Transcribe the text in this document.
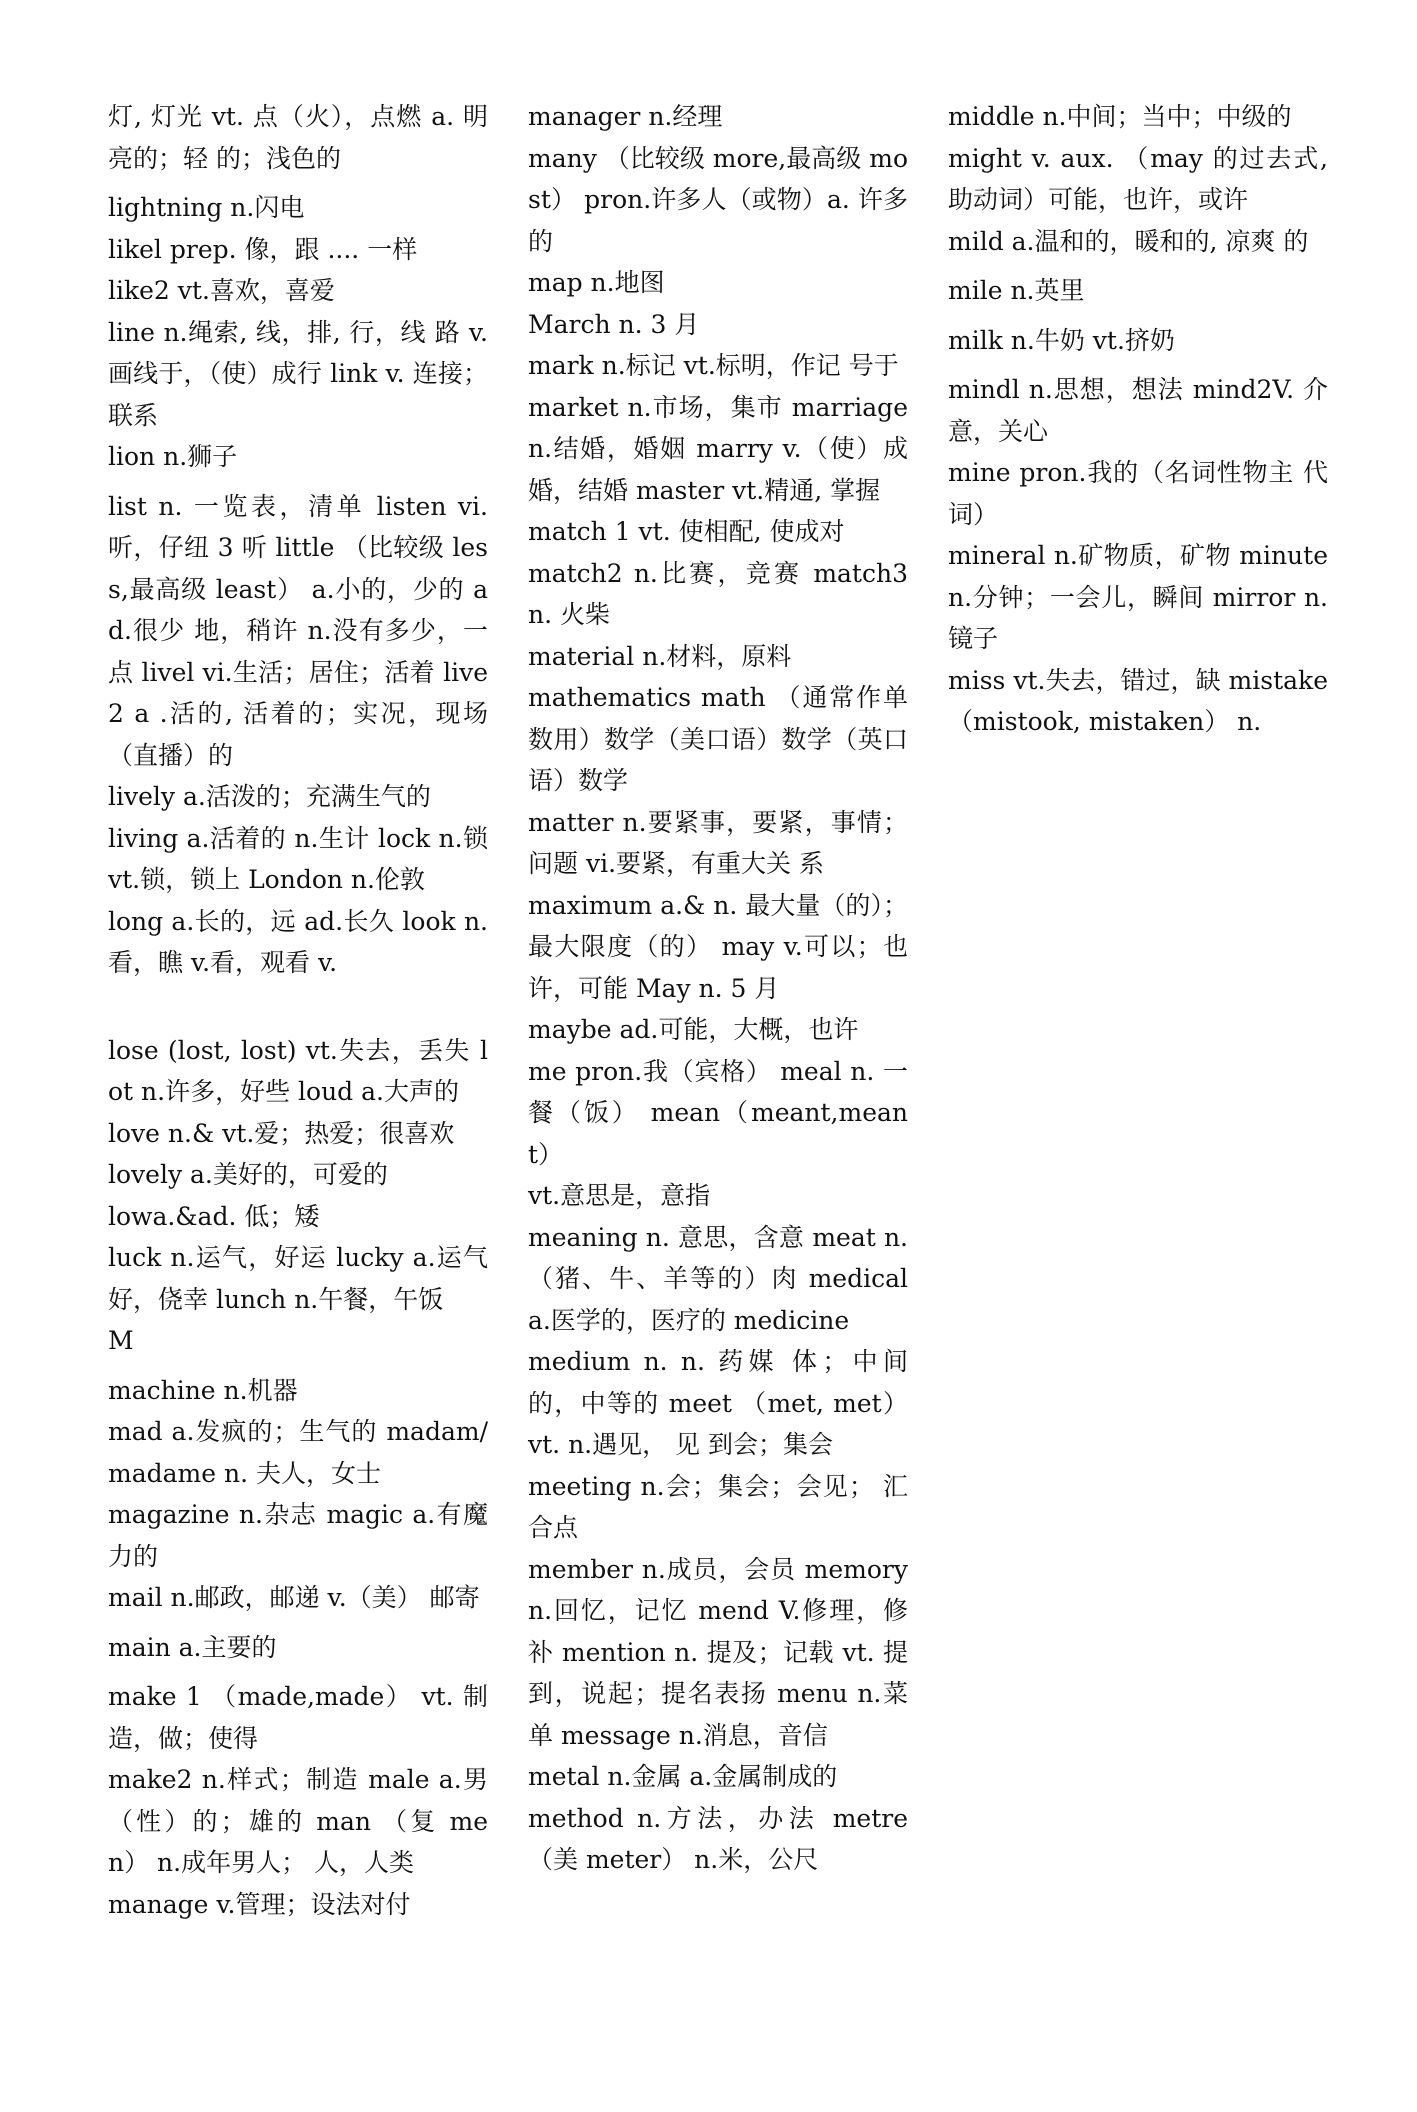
灯, 灯光 vt. 点（火），点燃 a. 明亮的；轻 的；浅色的

lightning n.闪电

likel prep. 像，跟 .... 一样

like2 vt.喜欢，喜爱

line n.绳索, 线，排, 行，线 路 v.画线于，（使）成行 link v. 连接；联系

lion n.狮子

list n. 一览表，清单 listen vi. 听，仔纽 3 听 little （比较级 less,最高级 least） a.小的，少的 ad.很少 地，稍许 n.没有多少，一点 livel vi.生活；居住；活着 live 2 a .活的, 活着的；实况，现场（直播）的

lively a.活泼的；充满生气的

living a.活着的 n.生计 lock n.锁 vt.锁，锁上 London n.伦敦

long a.长的，远 ad.长久 look n. 看，瞧 v.看，观看 v.

lose (lost, lost) vt.失去，丢失 lot n.许多，好些 loud a.大声的

love n.& vt.爱；热爱；很喜欢

lovely a.美好的，可爱的

lowa.&ad. 低；矮

luck n.运气，好运 lucky a.运气好，侥幸 lunch n.午餐，午饭

M

machine n.机器

mad a.发疯的；生气的 madam/ madame n. 夫人，女士

magazine n.杂志 magic a.有魔力的

mail n.邮政，邮递 v.（美） 邮寄

main a.主要的

make 1 （made,made） vt. 制造，做；使得

make2 n.样式；制造 male a.男（性）的；雄的 man （复 men） n.成年男人； 人，人类

manage v.管理；设法对付

manager n.经理

many （比较级 more,最高级 most） pron.许多人（或物）a. 许多的

map n.地图

March n. 3 月

mark n.标记 vt.标明，作记 号于

market n.市场，集市 marriage n.结婚，婚姻 marry v.（使）成婚，结婚 master vt.精通, 掌握

match 1 vt. 使相配, 使成对

match2 n.比赛，竞赛 match3 n. 火柴

material n.材料，原料

mathematics math （通常作单数用）数学（美口语）数学（英口语）数学

matter n.要紧事，要紧，事情；问题 vi.要紧，有重大关 系

maximum a.& n. 最大量（的）；最大限度（的） may v.可以；也许，可能 May n. 5 月

maybe ad.可能，大概，也许

me pron.我（宾格） meal n. 一餐（饭） mean（meant,meant）

vt.意思是，意指

meaning n. 意思，含意 meat n.（猪、牛、羊等的）肉 medical a.医学的，医疗的 medicine

medium n. n. 药媒 体；中间的，中等的 meet （met, met） vt. n.遇见， 见 到会；集会

meeting n.会；集会；会见； 汇合点

member n.成员，会员 memory n.回忆，记忆 mend V.修理，修补 mention n. 提及；记载 vt. 提 到，说起；提名表扬 menu n.菜单 message n.消息，音信

metal n.金属 a.金属制成的

method n.方法，办法 metre （美 meter） n.米，公尺

middle n.中间；当中；中级的

might v. aux. （may 的过去式, 助动词）可能，也许，或许

mild a.温和的，暖和的, 凉爽 的

mile n.英里

milk n.牛奶 vt.挤奶

mindl n.思想，想法 mind2V. 介意，关心

mine pron.我的（名词性物主 代词）

mineral n.矿物质，矿物 minute n.分钟；一会儿，瞬间 mirror n. 镜子

miss vt.失去，错过，缺 mistake （mistook, mistaken） n.
